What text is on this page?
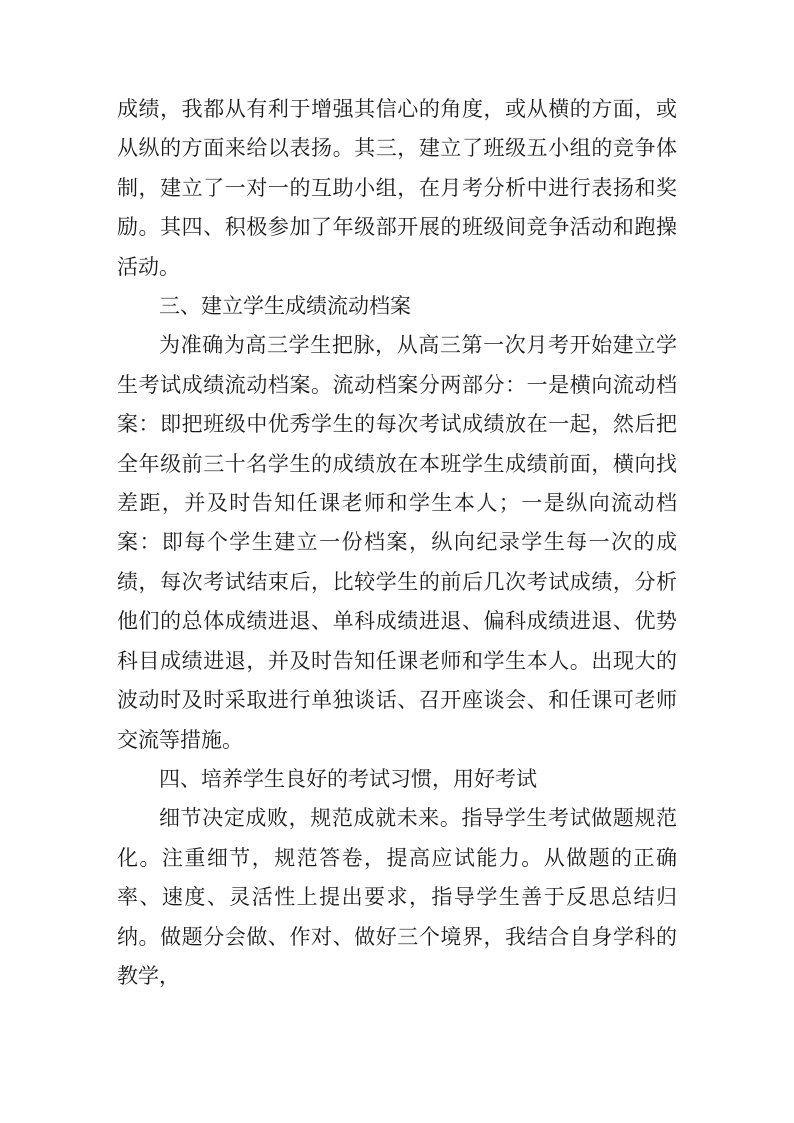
成绩，我都从有利于增强其信心的角度，或从横的方面，或从纵的方面来给以表扬。其三，建立了班级五小组的竞争体制，建立了一对一的互助小组，在月考分析中进行表扬和奖励。其四、积极参加了年级部开展的班级间竞争活动和跑操活动。

三、建立学生成绩流动档案

为准确为高三学生把脉，从高三第一次月考开始建立学生考试成绩流动档案。流动档案分两部分：一是横向流动档案：即把班级中优秀学生的每次考试成绩放在一起，然后把全年级前三十名学生的成绩放在本班学生成绩前面，横向找差距，并及时告知任课老师和学生本人；一是纵向流动档案：即每个学生建立一份档案，纵向纪录学生每一次的成绩，每次考试结束后，比较学生的前后几次考试成绩，分析他们的总体成绩进退、单科成绩进退、偏科成绩进退、优势科目成绩进退，并及时告知任课老师和学生本人。出现大的波动时及时采取进行单独谈话、召开座谈会、和任课可老师交流等措施。

四、培养学生良好的考试习惯，用好考试

细节决定成败，规范成就未来。指导学生考试做题规范化。注重细节，规范答卷，提高应试能力。从做题的正确率、速度、灵活性上提出要求，指导学生善于反思总结归纳。做题分会做、作对、做好三个境界，我结合自身学科的教学，
